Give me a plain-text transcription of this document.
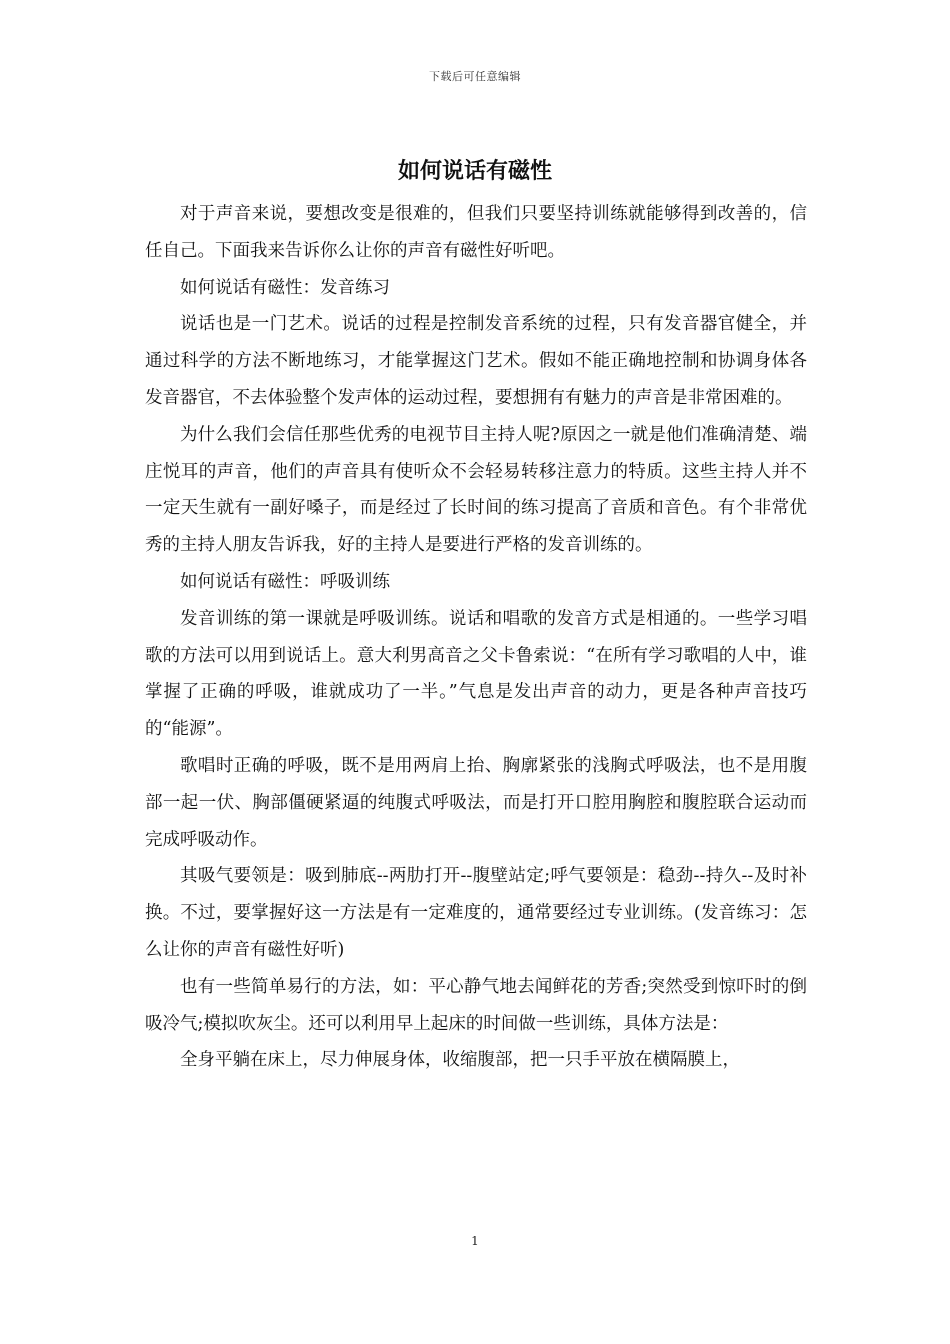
下载后可任意编辑
如何说话有磁性

对于声音来说，要想改变是很难的，但我们只要坚持训练就能够得到改善的，信任自己。下面我来告诉你么让你的声音有磁性好听吧。

如何说话有磁性：发音练习

说话也是一门艺术。说话的过程是控制发音系统的过程，只有发音器官健全，并通过科学的方法不断地练习，才能掌握这门艺术。假如不能正确地控制和协调身体各发音器官，不去体验整个发声体的运动过程，要想拥有有魅力的声音是非常困难的。

为什么我们会信任那些优秀的电视节目主持人呢?原因之一就是他们准确清楚、端庄悦耳的声音，他们的声音具有使听众不会轻易转移注意力的特质。这些主持人并不一定天生就有一副好嗓子，而是经过了长时间的练习提高了音质和音色。有个非常优秀的主持人朋友告诉我，好的主持人是要进行严格的发音训练的。

如何说话有磁性：呼吸训练

发音训练的第一课就是呼吸训练。说话和唱歌的发音方式是相通的。一些学习唱歌的方法可以用到说话上。意大利男高音之父卡鲁索说：“在所有学习歌唱的人中，谁掌握了正确的呼吸，谁就成功了一半。”气息是发出声音的动力，更是各种声音技巧的“能源”。

歌唱时正确的呼吸，既不是用两肩上抬、胸廓紧张的浅胸式呼吸法，也不是用腹部一起一伏、胸部僵硬紧逼的纯腹式呼吸法，而是打开口腔用胸腔和腹腔联合运动而完成呼吸动作。

其吸气要领是：吸到肺底--两肋打开--腹壁站定;呼气要领是：稳劲--持久--及时补换。不过，要掌握好这一方法是有一定难度的，通常要经过专业训练。(发音练习：怎么让你的声音有磁性好听)

也有一些简单易行的方法，如：平心静气地去闻鲜花的芳香;突然受到惊吓时的倒吸冷气;模拟吹灰尘。还可以利用早上起床的时间做一些训练，具体方法是：

全身平躺在床上，尽力伸展身体，收缩腹部，把一只手平放在横隔膜上，

1
